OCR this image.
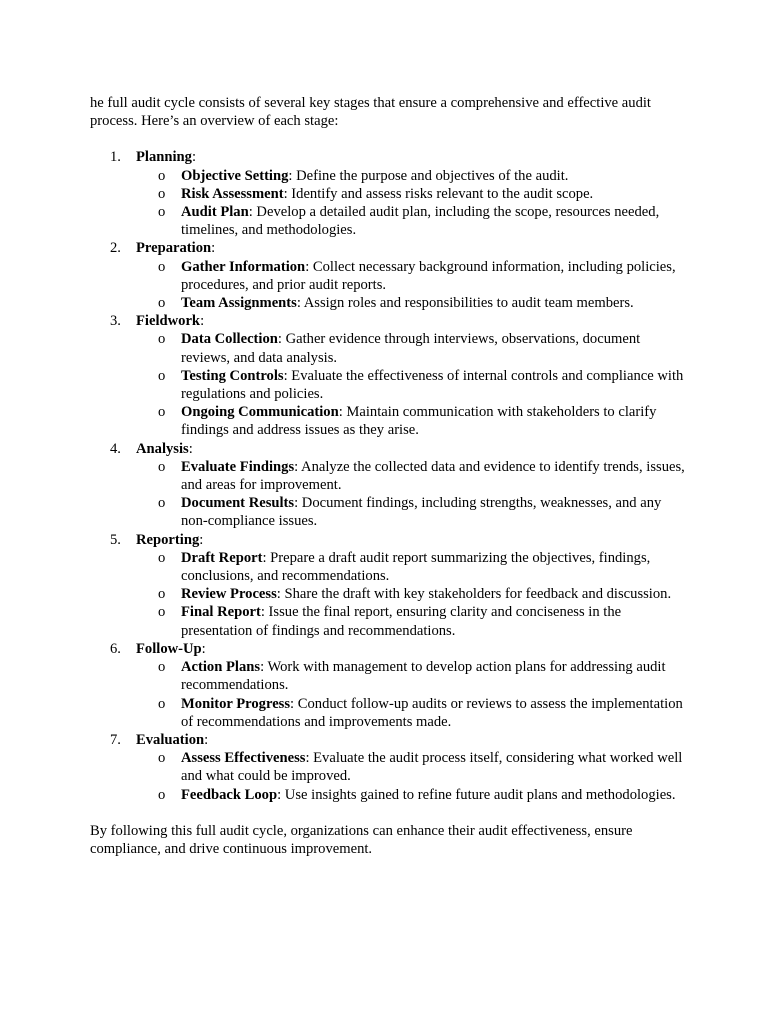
he full audit cycle consists of several key stages that ensure a comprehensive and effective audit process. Here’s an overview of each stage:

1. Planning:
o Objective Setting: Define the purpose and objectives of the audit.
o Risk Assessment: Identify and assess risks relevant to the audit scope.
o Audit Plan: Develop a detailed audit plan, including the scope, resources needed, timelines, and methodologies.
2. Preparation:
o Gather Information: Collect necessary background information, including policies, procedures, and prior audit reports.
o Team Assignments: Assign roles and responsibilities to audit team members.
3. Fieldwork:
o Data Collection: Gather evidence through interviews, observations, document reviews, and data analysis.
o Testing Controls: Evaluate the effectiveness of internal controls and compliance with regulations and policies.
o Ongoing Communication: Maintain communication with stakeholders to clarify findings and address issues as they arise.
4. Analysis:
o Evaluate Findings: Analyze the collected data and evidence to identify trends, issues, and areas for improvement.
o Document Results: Document findings, including strengths, weaknesses, and any non-compliance issues.
5. Reporting:
o Draft Report: Prepare a draft audit report summarizing the objectives, findings, conclusions, and recommendations.
o Review Process: Share the draft with key stakeholders for feedback and discussion.
o Final Report: Issue the final report, ensuring clarity and conciseness in the presentation of findings and recommendations.
6. Follow-Up:
o Action Plans: Work with management to develop action plans for addressing audit recommendations.
o Monitor Progress: Conduct follow-up audits or reviews to assess the implementation of recommendations and improvements made.
7. Evaluation:
o Assess Effectiveness: Evaluate the audit process itself, considering what worked well and what could be improved.
o Feedback Loop: Use insights gained to refine future audit plans and methodologies.

By following this full audit cycle, organizations can enhance their audit effectiveness, ensure compliance, and drive continuous improvement.
